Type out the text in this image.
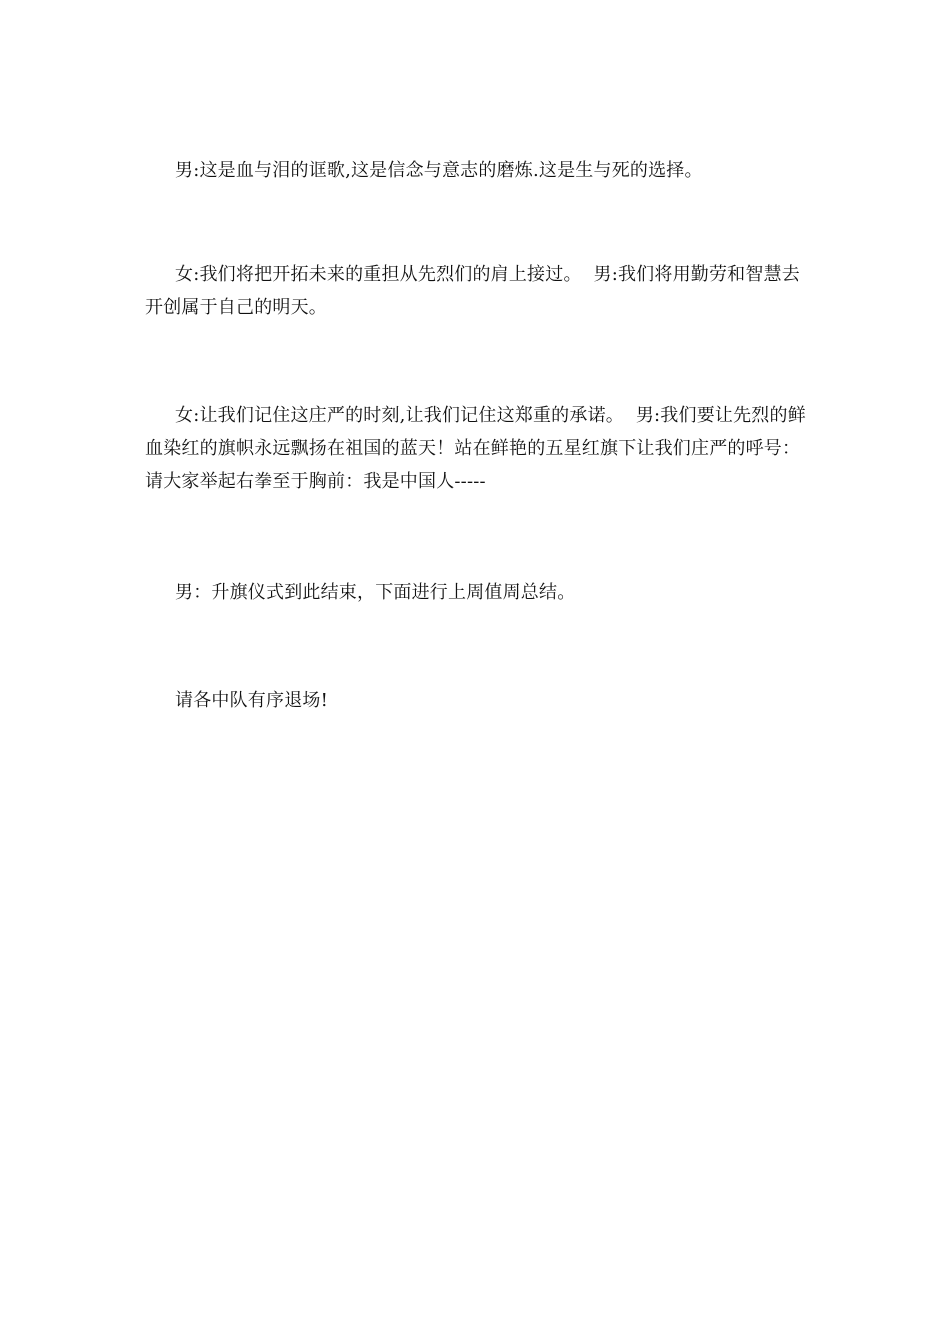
男:这是血与泪的诓歌,这是信念与意志的磨炼.这是生与死的选择。

女:我们将把开拓未来的重担从先烈们的肩上接过。  男:我们将用勤劳和智慧去开创属于自己的明天。

女:让我们记住这庄严的时刻,让我们记住这郑重的承诺。  男:我们要让先烈的鲜血染红的旗帜永远飘扬在祖国的蓝天！站在鲜艳的五星红旗下让我们庄严的呼号：请大家举起右拳至于胸前：我是中国人-----

男：升旗仪式到此结束，下面进行上周值周总结。

请各中队有序退场!
